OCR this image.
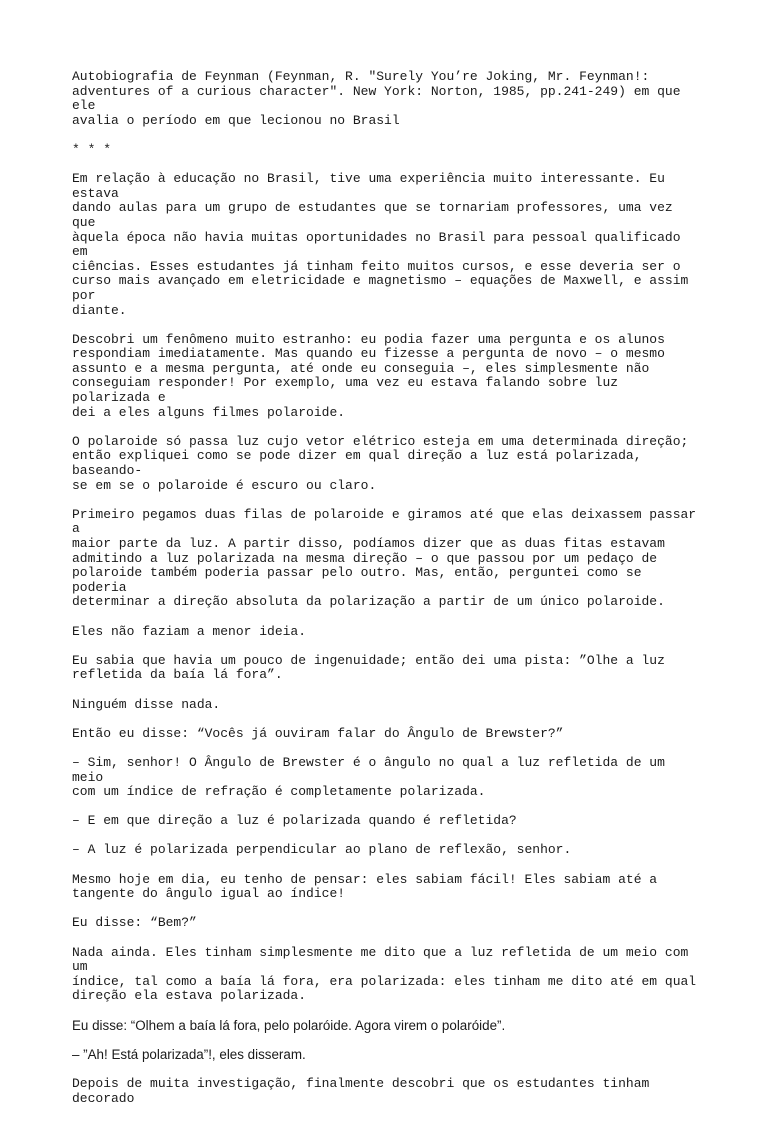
Autobiografia de Feynman (Feynman, R. "Surely You’re Joking, Mr. Feynman!:
adventures of a curious character". New York: Norton, 1985, pp.241-249) em que ele
avalia o período em que lecionou no Brasil

* * *

Em relação à educação no Brasil, tive uma experiência muito interessante. Eu estava
dando aulas para um grupo de estudantes que se tornariam professores, uma vez que
àquela época não havia muitas oportunidades no Brasil para pessoal qualificado em
ciências. Esses estudantes já tinham feito muitos cursos, e esse deveria ser o
curso mais avançado em eletricidade e magnetismo – equações de Maxwell, e assim por
diante.

Descobri um fenômeno muito estranho: eu podia fazer uma pergunta e os alunos
respondiam imediatamente. Mas quando eu fizesse a pergunta de novo – o mesmo
assunto e a mesma pergunta, até onde eu conseguia –, eles simplesmente não
conseguiam responder! Por exemplo, uma vez eu estava falando sobre luz polarizada e
dei a eles alguns filmes polaroide.

O polaroide só passa luz cujo vetor elétrico esteja em uma determinada direção;
então expliquei como se pode dizer em qual direção a luz está polarizada, baseando-
se em se o polaroide é escuro ou claro.

Primeiro pegamos duas filas de polaroide e giramos até que elas deixassem passar a
maior parte da luz. A partir disso, podíamos dizer que as duas fitas estavam
admitindo a luz polarizada na mesma direção – o que passou por um pedaço de
polaroide também poderia passar pelo outro. Mas, então, perguntei como se poderia
determinar a direção absoluta da polarização a partir de um único polaroide.

Eles não faziam a menor ideia.

Eu sabia que havia um pouco de ingenuidade; então dei uma pista: ”Olhe a luz
refletida da baía lá fora”.

Ninguém disse nada.

Então eu disse: “Vocês já ouviram falar do Ângulo de Brewster?”

– Sim, senhor! O Ângulo de Brewster é o ângulo no qual a luz refletida de um meio
com um índice de refração é completamente polarizada.

– E em que direção a luz é polarizada quando é refletida?

– A luz é polarizada perpendicular ao plano de reflexão, senhor.

Mesmo hoje em dia, eu tenho de pensar: eles sabiam fácil! Eles sabiam até a
tangente do ângulo igual ao índice!

Eu disse: “Bem?”

Nada ainda. Eles tinham simplesmente me dito que a luz refletida de um meio com um
índice, tal como a baía lá fora, era polarizada: eles tinham me dito até em qual
direção ela estava polarizada.

Eu disse: “Olhem a baía lá fora, pelo polaróide. Agora virem o polaróide”.

– ”Ah! Está polarizada”!, eles disseram.

Depois de muita investigação, finalmente descobri que os estudantes tinham decorado
